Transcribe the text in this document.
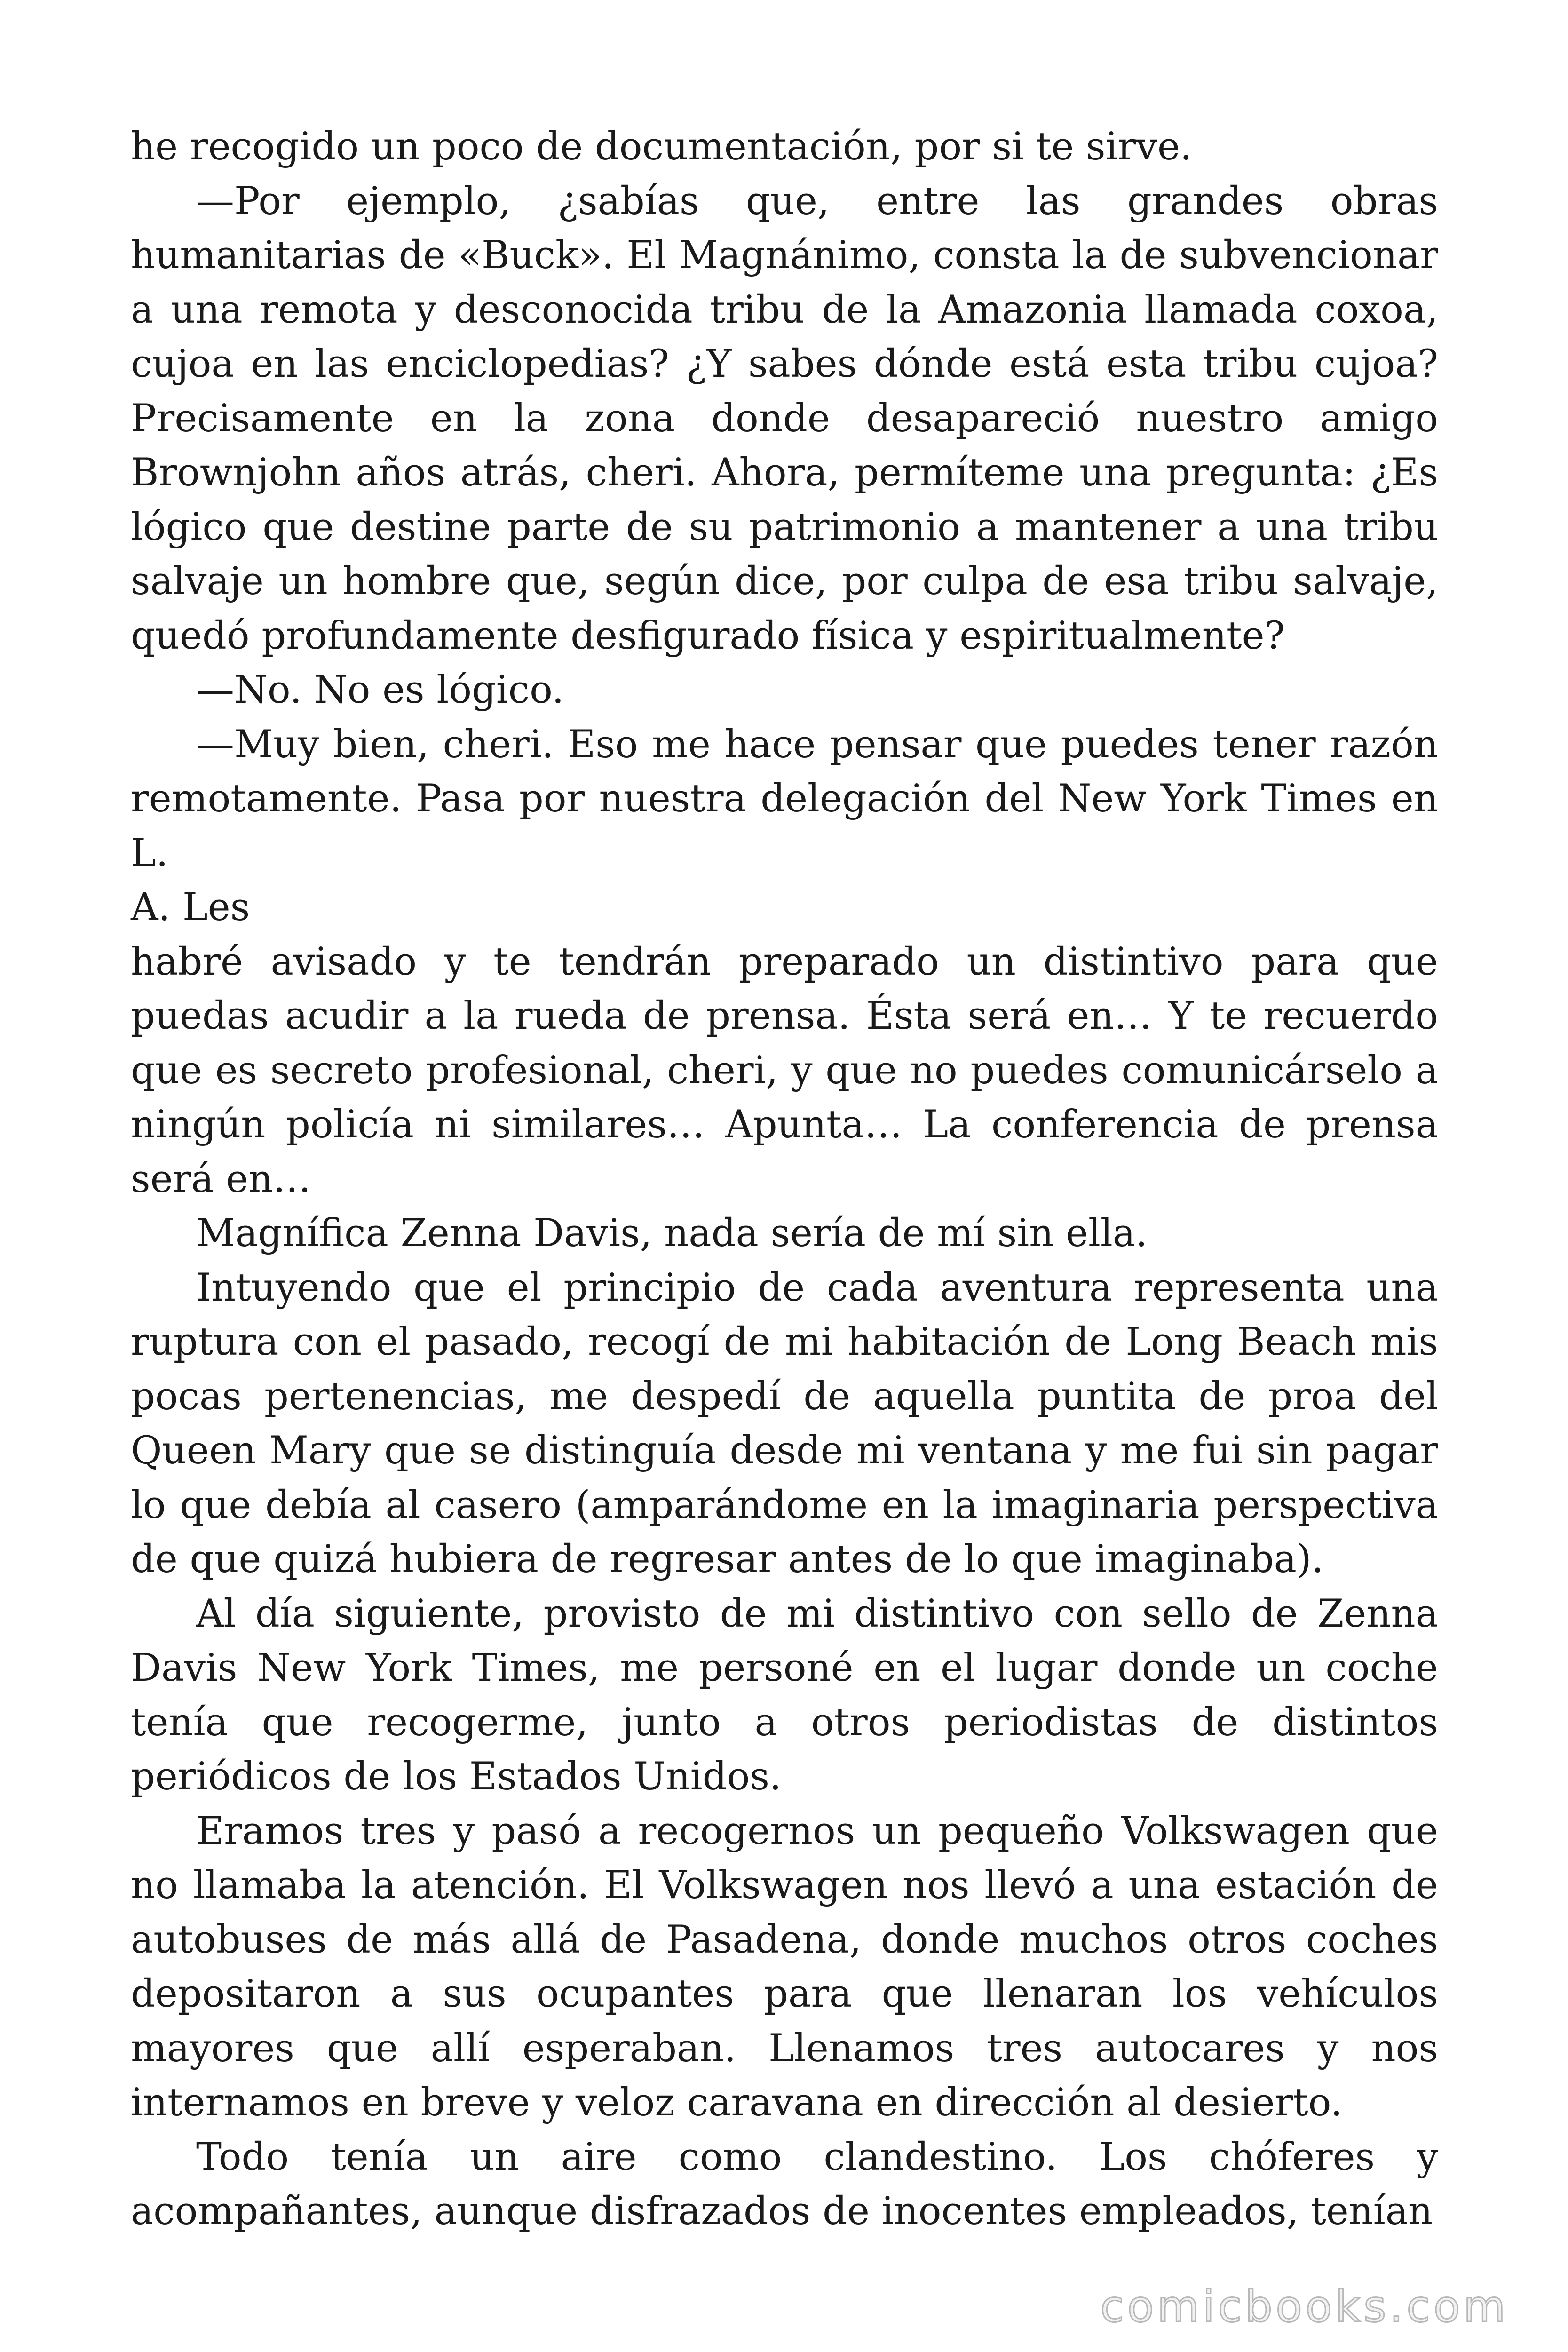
he recogido un poco de documentación, por si te sirve.

—Por ejemplo, ¿sabías que, entre las grandes obras humanitarias de «Buck». El Magnánimo, consta la de subvencionar a una remota y desconocida tribu de la Amazonia llamada coxoa, cujoa en las enciclopedias? ¿Y sabes dónde está esta tribu cujoa? Precisamente en la zona donde desapareció nuestro amigo Brownjohn años atrás, cheri. Ahora, permíteme una pregunta: ¿Es lógico que destine parte de su patrimonio a mantener a una tribu salvaje un hombre que, según dice, por culpa de esa tribu salvaje, quedó profundamente desfigurado física y espiritualmente?

—No. No es lógico.

—Muy bien, cheri. Eso me hace pensar que puedes tener razón remotamente. Pasa por nuestra delegación del New York Times en L.

A. Les

habré avisado y te tendrán preparado un distintivo para que puedas acudir a la rueda de prensa. Ésta será en… Y te recuerdo que es secreto profesional, cheri, y que no puedes comunicárselo a ningún policía ni similares… Apunta… La conferencia de prensa será en…

Magnífica Zenna Davis, nada sería de mí sin ella.

Intuyendo que el principio de cada aventura representa una ruptura con el pasado, recogí de mi habitación de Long Beach mis pocas pertenencias, me despedí de aquella puntita de proa del Queen Mary que se distinguía desde mi ventana y me fui sin pagar lo que debía al casero (amparándome en la imaginaria perspectiva de que quizá hubiera de regresar antes de lo que imaginaba).

Al día siguiente, provisto de mi distintivo con sello de Zenna Davis New York Times, me personé en el lugar donde un coche tenía que recogerme, junto a otros periodistas de distintos periódicos de los Estados Unidos.

Eramos tres y pasó a recogernos un pequeño Volkswagen que no llamaba la atención. El Volkswagen nos llevó a una estación de autobuses de más allá de Pasadena, donde muchos otros coches depositaron a sus ocupantes para que llenaran los vehículos mayores que allí esperaban. Llenamos tres autocares y nos internamos en breve y veloz caravana en dirección al desierto.

Todo tenía un aire como clandestino. Los chóferes y acompañantes, aunque disfrazados de inocentes empleados, tenían

comicbooks.com
